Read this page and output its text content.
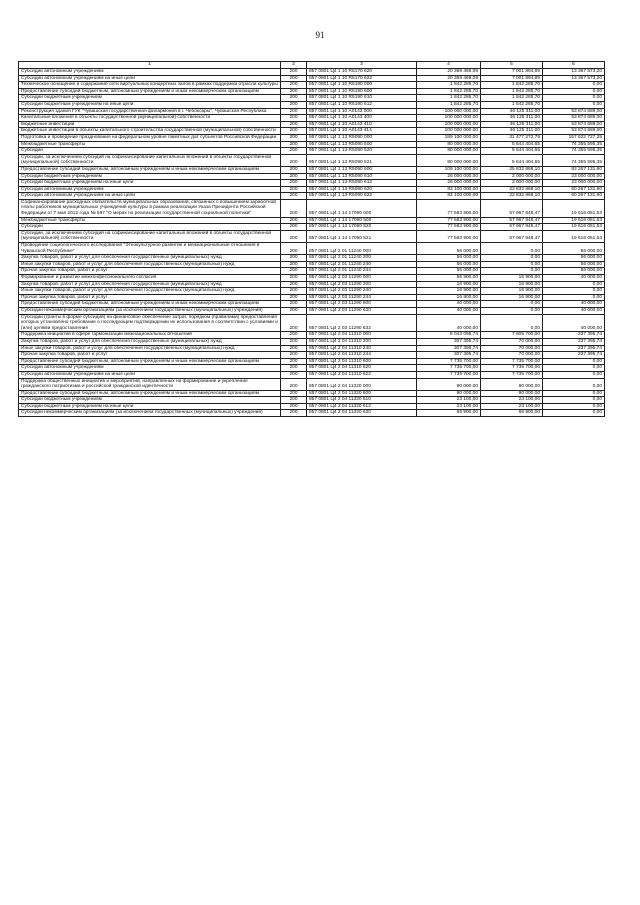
91
1	2	3	4	5	6
Субсидии автономным учреждениям	200	857 0801 Ц4 1 10 R5170 620	20 369 469,09	7 001 894,89	13 367 573,20
Субсидии автономным учреждениям на иные цели	200	857 0801 Ц4 1 10 R5170 622	20 369 469,09	7 001 894,89	13 367 573,20
Техническое оснащение и содержание сети виртуальных концертных залов в рамках поддержки отрасли культуры	200	857 0801 Ц4 1 10 R5190 000	1 842 285,70	1 842 285,70	0,00
Предоставление субсидий бюджетным, автономным учреждениям и иным некоммерческим организациям	200	857 0801 Ц4 1 10 R5190 600	1 842 285,70	1 842 285,70	0,00
Субсидии бюджетным учреждениям	200	857 0801 Ц4 1 10 R5190 610	1 842 285,70	1 842 285,70	0,00
Субсидии бюджетным учреждениям на иные цели	200	857 0801 Ц4 1 10 R5190 612	1 842 285,70	1 842 285,70	0,00
Реконструкция здания ГУК "Чувашская государственная филармония в г. Чебоксары", Чувашская Республика	200	857 0801 Ц4 1 10 А0143 000	100 000 000,00	46 125 311,00	53 874 689,00
Капитальные вложения в объекты государственной (муниципальной) собственности	200	857 0801 Ц4 1 10 А0143 400	100 000 000,00	46 125 311,00	53 874 689,00
Бюджетные инвестиции	200	857 0801 Ц4 1 10 А0143 410	100 000 000,00	46 125 311,00	53 874 689,00
Бюджетные инвестиции в объекты капитального строительства государственной (муниципальной) собственности	200	857 0801 Ц4 1 10 А0143 414	100 000 000,00	46 125 311,00	53 874 689,00
Подготовка и проведение празднования на федеральном уровне памятных дат субъектов Российской Федерации	200	957 0801 Ц4 1 13 R5090 000	189 100 000,00	31 477 272,75	157 622 727,25
Межбюджетные трансферты	200	957 0801 Ц4 1 13 R5090 500	80 000 000,00	5 644 404,65	74 355 595,35
Субсидии	200	957 0801 Ц4 1 13 R5090 520	80 000 000,00	5 644 404,65	74 355 595,35
Субсидии, за исключением субсидий на софинансирование капитальных вложений в объекты государственной (муниципальной) собственности	200	957 0801 Ц4 1 13 R5090 521	80 000 000,00	5 644 404,65	74 355 595,35
Предоставление субсидий бюджетным, автономным учреждениям и иным некоммерческим организациям	200	857 0801 Ц4 1 13 R5090 600	109 100 000,00	25 832 868,10	83 267 131,90
Субсидии бюджетным учреждениям	200	857 0801 Ц4 1 13 R5090 610	26 000 000,00	3 000 000,00	23 000 000,00
Субсидии бюджетным учреждениям на иные цели	200	857 0801 Ц4 1 13 R5090 612	26 000 000,00	3 000 000,00	23 000 000,00
Субсидии автономным учреждениям	200	857 0801 Ц4 1 13 R5090 620	83 100 000,00	22 832 868,10	60 267 131,90
Субсидии автономным учреждениям на иные цели	200	857 0801 Ц4 1 13 R5090 622	83 100 000,00	22 832 868,10	60 267 131,90
Софинансирование расходных обязательств муниципальных образований, связанных с повышением заработной платы работников муниципальных учреждений культуры в рамках реализации Указа Президента Российской Федерации от 7 мая 2012 года № 597 "О мерах по реализации государственной социальной политики"	200	857 0801 Ц4 1 14 17090 000	77 583 900,00	57 967 848,47	19 616 051,53
Межбюджетные трансферты	200	857 0801 Ц4 1 14 17090 500	77 583 900,00	57 967 848,47	19 616 051,53
Субсидии	200	857 0801 Ц4 1 14 17090 520	77 583 900,00	57 967 848,47	19 616 051,53
Субсидии, за исключением субсидий на софинансирование капитальных вложений в объекты государственной (муниципальной) собственности	200	857 0801 Ц4 1 14 17090 521	77 583 900,00	57 967 848,47	19 616 051,53
Проведение социологического исследования "Этнокультурное развитие и межнациональные отношения в Чувашской Республике"	200	857 0801 Ц4 2 01 11240 000	56 000,00	0,00	56 000,00
Закупка товаров, работ и услуг для обеспечения государственных (муниципальных) нужд	200	857 0801 Ц4 2 01 11240 200	56 000,00	0,00	56 000,00
Иные закупки товаров, работ и услуг для обеспечения государственных (муниципальных) нужд	200	857 0801 Ц4 2 01 11240 240	56 000,00	0,00	56 000,00
Прочая закупка товаров, работ и услуг	200	857 0801 Ц4 2 01 11240 244	56 000,00	0,00	56 000,00
Формирование и развитие межконфессионального согласия	200	857 0801 Ц4 2 03 11290 000	56 900,00	16 900,00	40 000,00
Закупка товаров, работ и услуг для обеспечения государственных (муниципальных) нужд	200	857 0801 Ц4 2 03 11290 200	16 900,00	16 900,00	0,00
Иные закупки товаров, работ и услуг для обеспечения государственных (муниципальных) нужд	200	857 0801 Ц4 2 03 11290 240	16 900,00	16 900,00	0,00
Прочая закупка товаров, работ и услуг	200	857 0801 Ц4 2 03 11290 244	16 900,00	16 900,00	0,00
Предоставление субсидий бюджетным, автономным учреждениям и иным некоммерческим организациям	200	857 0801 Ц4 2 03 11290 600	40 000,00	0,00	40 000,00
Субсидии некоммерческим организациям (за исключением государственных (муниципальных) учреждений)	200	857 0801 Ц4 2 03 11290 630	40 000,00	0,00	40 000,00
Субсидии (гранты в форме субсидий) на финансовое обеспечение затрат, порядком (правилами) предоставления которых установлено требование о последующем подтверждении их использования в соответствии с условиями и (или) целями предоставления	200	857 0801 Ц4 2 03 11290 632	40 000,00	0,00	40 000,00
Поддержка инициатив в сфере гармонизации межнациональных отношений	200	857 0801 Ц4 2 04 11310 000	8 043 095,74	7 805 700,00	237 395,74
Закупка товаров, работ и услуг для обеспечения государственных (муниципальных) нужд	200	857 0801 Ц4 2 04 11310 200	307 395,74	70 000,00	237 395,74
Иные закупки товаров, работ и услуг для обеспечения государственных (муниципальных) нужд	200	857 0801 Ц4 2 04 11310 240	307 395,74	70 000,00	237 395,74
Прочая закупка товаров, работ и услуг	200	857 0801 Ц4 2 04 11310 244	307 395,74	70 000,00	237 395,74
Предоставление субсидий бюджетным, автономным учреждениям и иным некоммерческим организациям	200	857 0801 Ц4 2 04 11310 600	7 735 700,00	7 735 700,00	0,00
Субсидии автономным учреждениям	200	857 0801 Ц4 2 04 11310 620	7 735 700,00	7 735 700,00	0,00
Субсидии автономным учреждениям на иные цели	200	857 0801 Ц4 2 04 11310 622	7 735 700,00	7 735 700,00	0,00
Поддержка общественных инициатив и мероприятий, направленных на формирование и укрепление гражданского патриотизма и российской гражданской идентичности	200	857 0801 Ц4 2 04 11320 000	90 000,00	90 000,00	0,00
Предоставление субсидий бюджетным, автономным учреждениям и иным некоммерческим организациям	200	857 0801 Ц4 2 04 11320 600	90 000,00	90 000,00	0,00
Субсидии бюджетным учреждениям	200	857 0801 Ц4 2 04 11320 610	23 100,00	23 100,00	0,00
Субсидии бюджетным учреждениям на иные цели	200	857 0801 Ц4 2 04 11320 612	23 100,00	23 100,00	0,00
Субсидии некоммерческим организациям (за исключением государственных (муниципальных) учреждений)	200	857 0801 Ц4 2 04 11320 630	66 900,00	66 900,00	0,00
